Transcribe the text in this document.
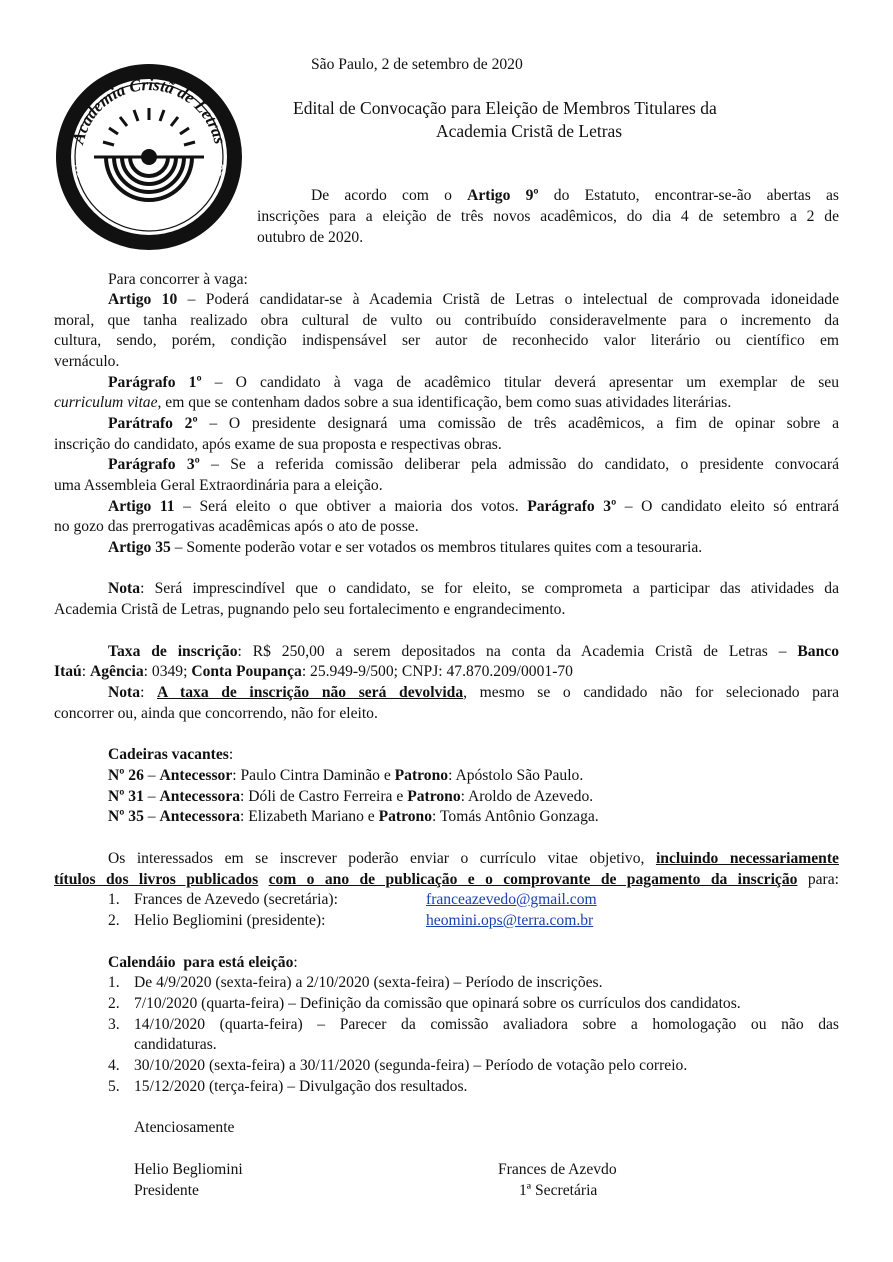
Academia Cristã de Letras
NDE HAJA TREVAS QUE EU LEVE A LU
São Paulo, 2 de setembro de 2020
Edital de Convocação para Eleição de Membros Titulares da
Academia Cristã de Letras
De acordo com o Artigo 9º do Estatuto, encontrar-se-ão abertas as
inscrições para a eleição de três novos acadêmicos, do dia 4 de setembro a 2 de
outubro de 2020.
Para concorrer à vaga:
Artigo 10 – Poderá candidatar-se à Academia Cristã de Letras o intelectual de comprovada idoneidade
moral, que tanha realizado obra cultural de vulto ou contribuído consideravelmente para o incremento da
cultura, sendo, porém, condição indispensável ser autor de reconhecido valor literário ou científico em
vernáculo.
Parágrafo 1º – O candidato à vaga de acadêmico titular deverá apresentar um exemplar de seu
curriculum vitae, em que se contenham dados sobre a sua identificação, bem como suas atividades literárias.
Parátrafo 2º – O presidente designará uma comissão de três acadêmicos, a fim de opinar sobre a
inscrição do candidato, após exame de sua proposta e respectivas obras.
Parágrafo 3º – Se a referida comissão deliberar pela admissão do candidato, o presidente convocará
uma Assembleia Geral Extraordinária para a eleição.
Artigo 11 – Será eleito o que obtiver a maioria dos votos. Parágrafo 3º – O candidato eleito só entrará
no gozo das prerrogativas acadêmicas após o ato de posse.
Artigo 35 – Somente poderão votar e ser votados os membros titulares quites com a tesouraria.
Nota: Será imprescindível que o candidato, se for eleito, se comprometa a participar das atividades da
Academia Cristã de Letras, pugnando pelo seu fortalecimento e engrandecimento.
Taxa de inscrição: R$ 250,00 a serem depositados na conta da Academia Cristã de Letras – Banco
Itaú: Agência: 0349; Conta Poupança: 25.949-9/500; CNPJ: 47.870.209/0001-70
Nota: A taxa de inscrição não será devolvida, mesmo se o candidado não for selecionado para
concorrer ou, ainda que concorrendo, não for eleito.
Cadeiras vacantes:
Nº 26 – Antecessor: Paulo Cintra Daminão e Patrono: Apóstolo São Paulo.
Nº 31 – Antecessora: Dóli de Castro Ferreira e Patrono: Aroldo de Azevedo.
Nº 35 – Antecessora: Elizabeth Mariano e Patrono: Tomás Antônio Gonzaga.
Os interessados em se inscrever poderão enviar o currículo vitae objetivo, incluindo necessariamente
títulos dos livros publicados com o ano de publicação e o comprovante de pagamento da inscrição para:
1. Frances de Azevedo (secretária):	franceazevedo@gmail.com
2. Helio Begliomini (presidente):	heomini.ops@terra.com.br
Calendáio  para está eleição:
1. De 4/9/2020 (sexta-feira) a 2/10/2020 (sexta-feira) – Período de inscrições.
2. 7/10/2020 (quarta-feira) – Definição da comissão que opinará sobre os currículos dos candidatos.
3. 14/10/2020 (quarta-feira) – Parecer da comissão avaliadora sobre a homologação ou não das
candidaturas.
4. 30/10/2020 (sexta-feira) a 30/11/2020 (segunda-feira) – Período de votação pelo correio.
5. 15/12/2020 (terça-feira) – Divulgação dos resultados.
Atenciosamente
Helio Begliomini
Presidente
Frances de Azevdo
1ª Secretária
